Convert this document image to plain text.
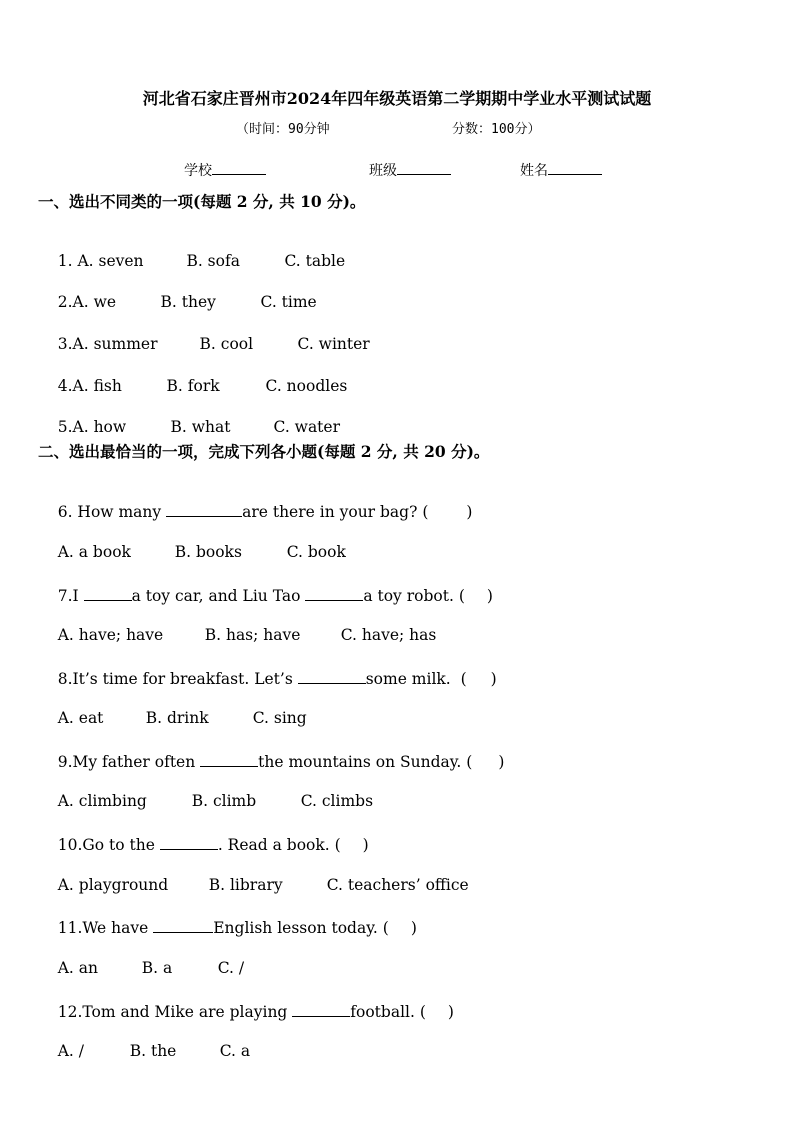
河北省石家庄晋州市2024年四年级英语第二学期期中学业水平测试试题
（时间：90分钟	分数：100分）
学校	班级	姓名
一、选出不同类的一项(每题 2 分, 共 10 分)。

1. A. seven	B. sofa	C. table

2.A. we	B. they	C. time

3.A. summer	B. cool	C. winter

4.A. fish	B. fork	C. noodles

5.A. how	B. what	C. water

二、选出最恰当的一项，完成下列各小题(每题 2 分, 共 20 分)。

6. How many	are there in your bag? ( )

A. a book	B. books	C. book

7.I	a toy car, and Liu Tao	a toy robot. ( )

A. have; have	B. has; have	C. have; has

8.It’s time for breakfast. Let’s	some milk.  ( )

A. eat	B. drink	C. sing

9.My father often	the mountains on Sunday. ( )

A. climbing	B. climb	C. climbs

10.Go to the	. Read a book. ( )

A. playground	B. library	C. teachers’ office

11.We have	English lesson today. ( )

A. an	B. a	C. /

12.Tom and Mike are playing	football. ( )

A. /	B. the	C. a
